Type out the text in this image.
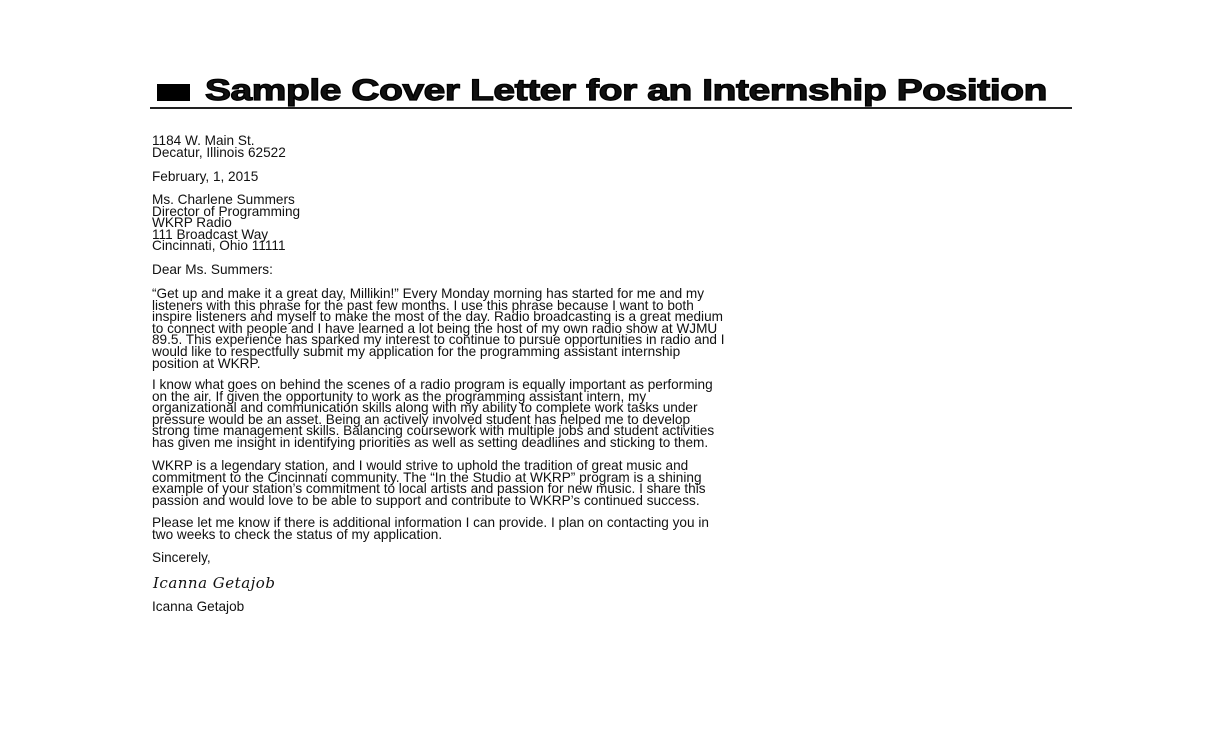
Sample Cover Letter for an Internship Position
1184 W. Main St.
Decatur, Illinois 62522
February, 1, 2015
Ms. Charlene Summers
Director of Programming
WKRP Radio
111 Broadcast Way
Cincinnati, Ohio 11111
Dear Ms. Summers:
“Get up and make it a great day, Millikin!” Every Monday morning has started for me and my
listeners with this phrase for the past few months. I use this phrase because I want to both
inspire listeners and myself to make the most of the day. Radio broadcasting is a great medium
to connect with people and I have learned a lot being the host of my own radio show at WJMU
89.5. This experience has sparked my interest to continue to pursue opportunities in radio and I
would like to respectfully submit my application for the programming assistant internship
position at WKRP.
I know what goes on behind the scenes of a radio program is equally important as performing
on the air. If given the opportunity to work as the programming assistant intern, my
organizational and communication skills along with my ability to complete work tasks under
pressure would be an asset. Being an actively involved student has helped me to develop
strong time management skills. Balancing coursework with multiple jobs and student activities
has given me insight in identifying priorities as well as setting deadlines and sticking to them.
WKRP is a legendary station, and I would strive to uphold the tradition of great music and
commitment to the Cincinnati community. The “In the Studio at WKRP” program is a shining
example of your station’s commitment to local artists and passion for new music. I share this
passion and would love to be able to support and contribute to WKRP’s continued success.
Please let me know if there is additional information I can provide. I plan on contacting you in
two weeks to check the status of my application.
Sincerely,
Icanna Getajob
Icanna Getajob
